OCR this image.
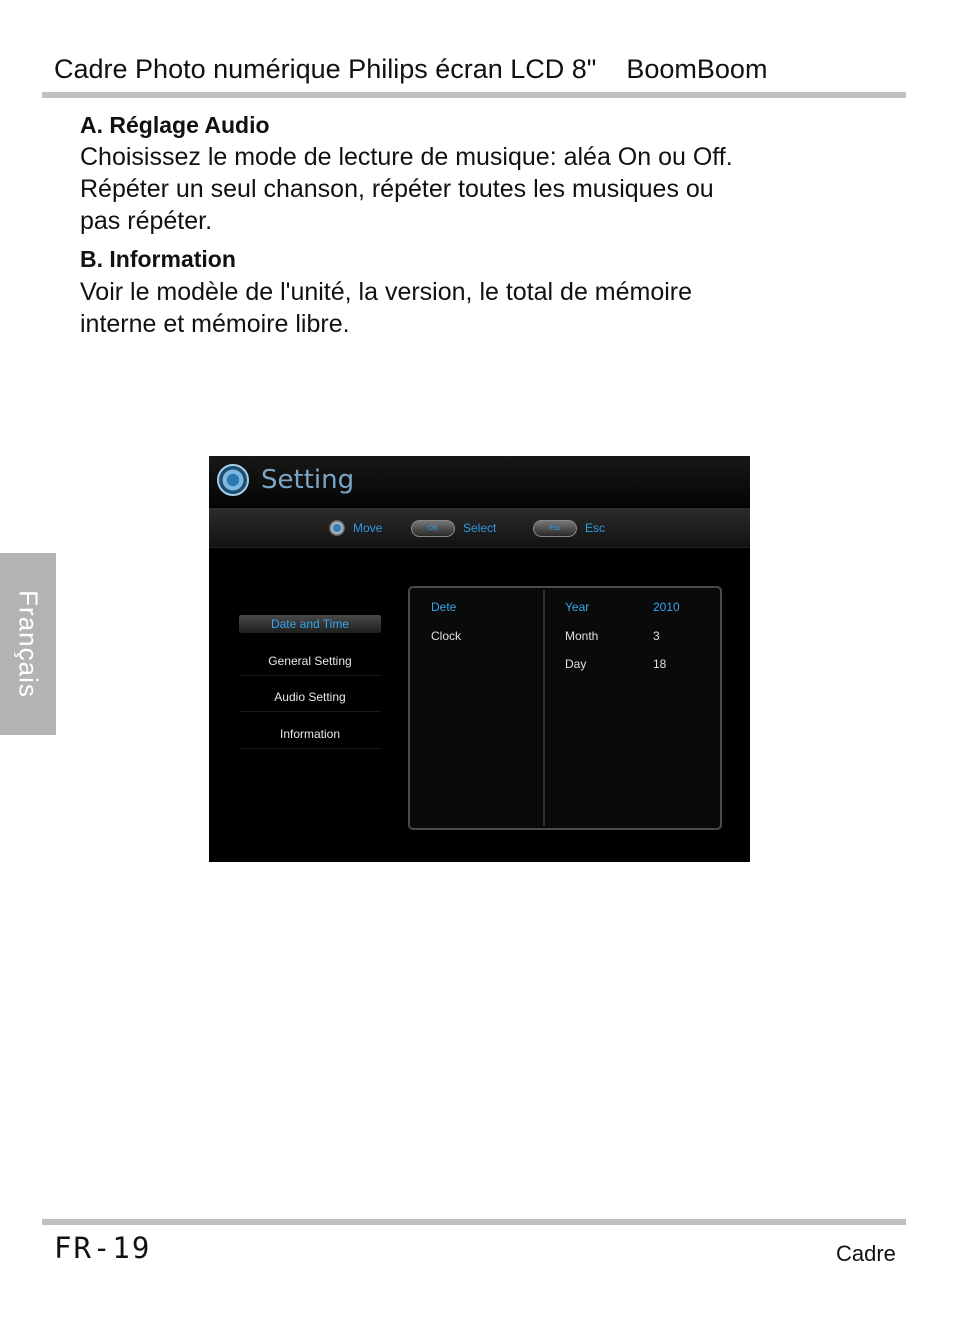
Cadre Photo numérique Philips écran LCD 8" BoomBoom
A. Réglage Audio
Choisissez le mode de lecture de musique: aléa On ou Off.
Répéter un seul chanson, répéter toutes les musiques ou
pas répéter.
B. Information
Voir le modèle de l'unité, la version, le total de mémoire
interne et mémoire libre.
Français
Setting
Move	OK	Select	Esc	Esc
Date and Time
General Setting
Audio Setting
Information
Dete
Clock
Year	2010
Month	3
Day	18
FR-19	Cadre
